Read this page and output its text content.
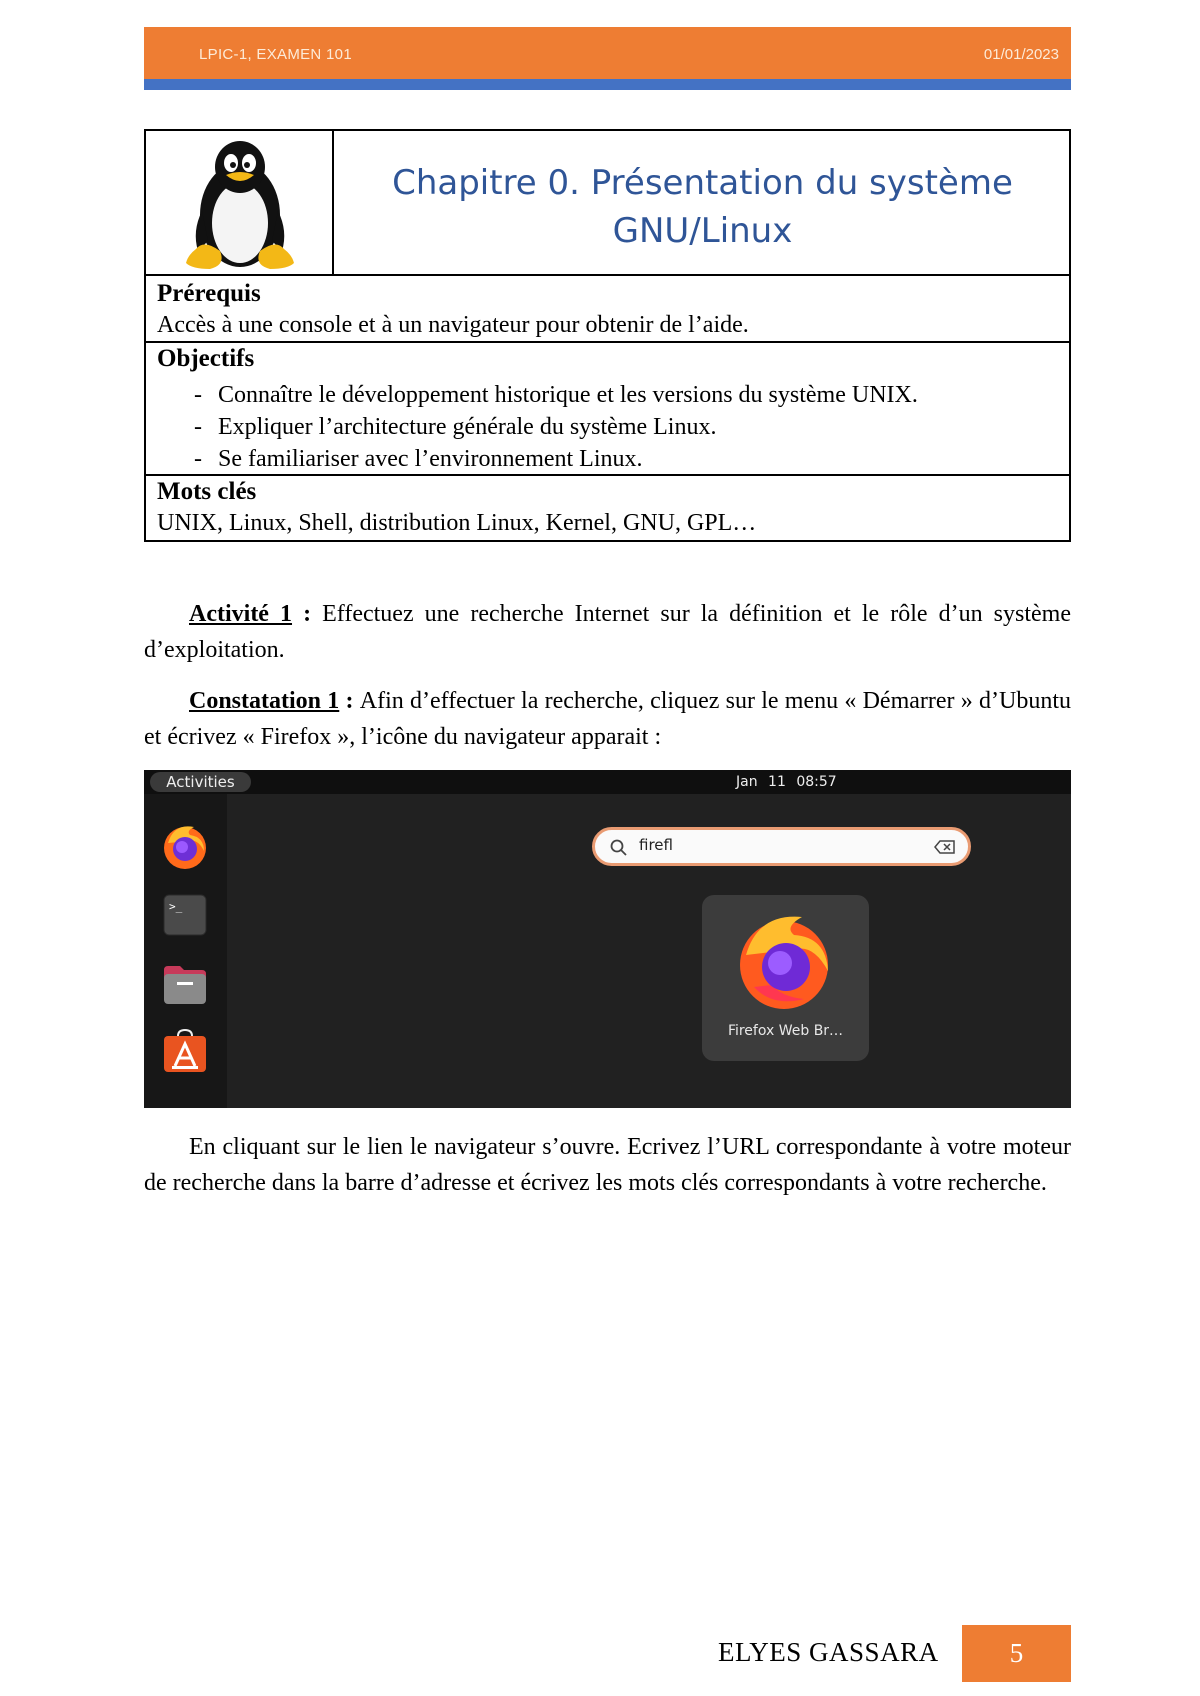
LPIC-1, EXAMEN 101	01/01/2023
Chapitre 0. Présentation du système
GNU/Linux
Prérequis
Accès à une console et à un navigateur pour obtenir de l’aide.
Objectifs
- Connaître le développement historique et les versions du système UNIX.
- Expliquer l’architecture générale du système Linux.
- Se familiariser avec l’environnement Linux.
Mots clés
UNIX, Linux, Shell, distribution Linux, Kernel, GNU, GPL…
Activité 1 : Effectuez une recherche Internet sur la définition et le rôle d’un système d’exploitation.
Constatation 1 : Afin d’effectuer la recherche, cliquez sur le menu « Démarrer » d’Ubuntu et écrivez « Firefox », l’icône du navigateur apparait :
Activities	Jan 11 08:57
>_
firefl
Firefox Web Br…
En cliquant sur le lien le navigateur s’ouvre. Ecrivez l’URL correspondante à votre moteur de recherche dans la barre d’adresse et écrivez les mots clés correspondants à votre recherche.
ELYES GASSARA	5
